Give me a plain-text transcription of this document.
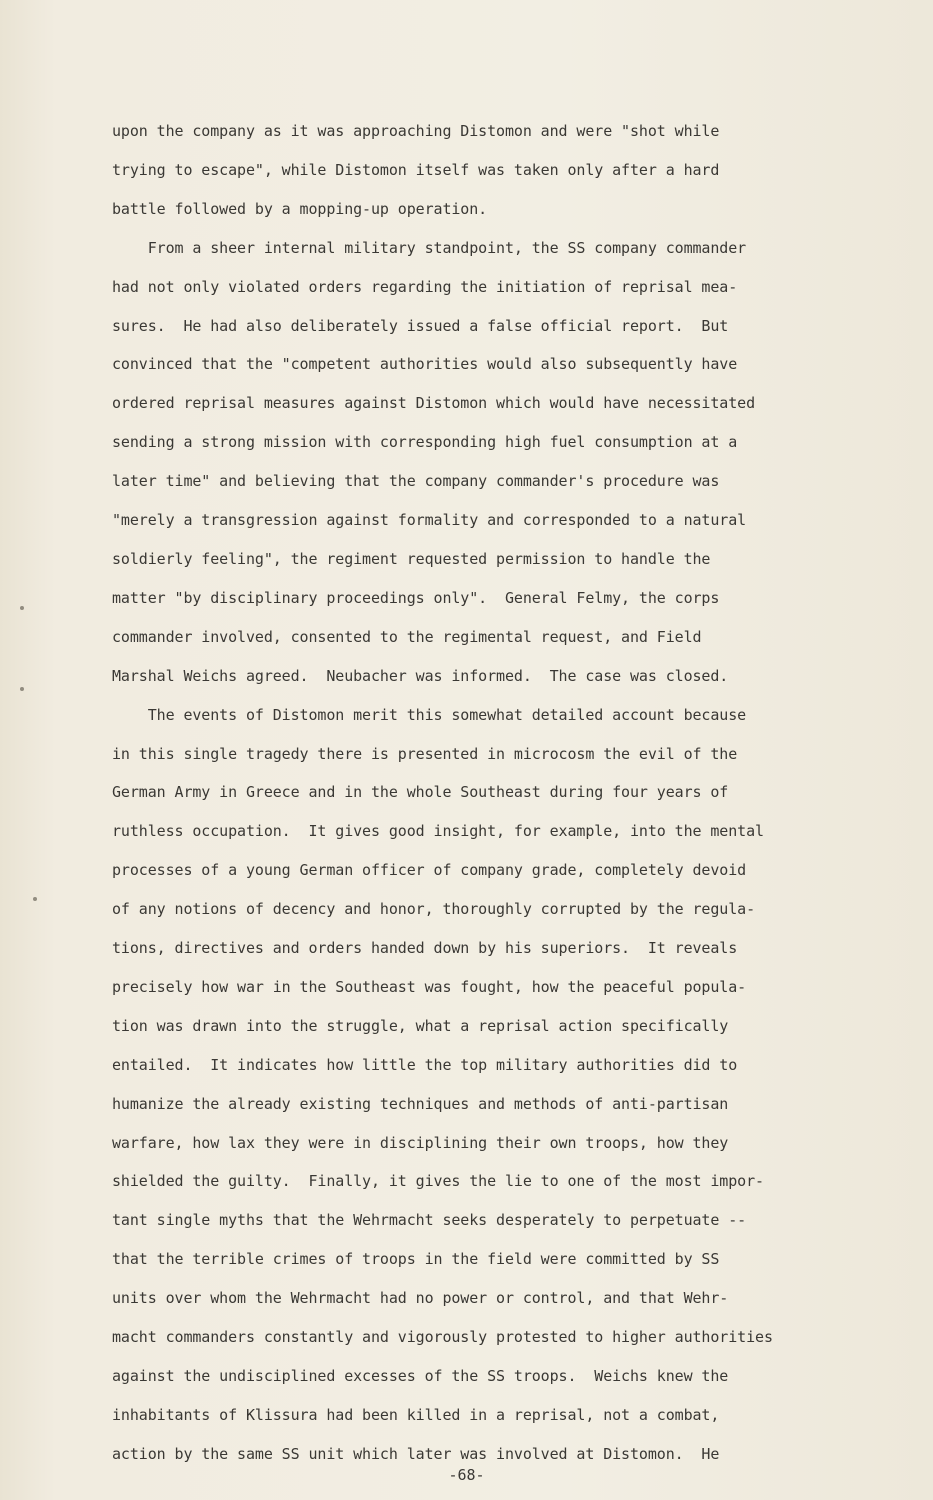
upon the company as it was approaching Distomon and were "shot while
trying to escape", while Distomon itself was taken only after a hard
battle followed by a mopping-up operation.
From a sheer internal military standpoint, the SS company commander
had not only violated orders regarding the initiation of reprisal mea-
sures.  He had also deliberately issued a false official report.  But
convinced that the "competent authorities would also subsequently have
ordered reprisal measures against Distomon which would have necessitated
sending a strong mission with corresponding high fuel consumption at a
later time" and believing that the company commander's procedure was
"merely a transgression against formality and corresponded to a natural
soldierly feeling", the regiment requested permission to handle the
matter "by disciplinary proceedings only".  General Felmy, the corps
commander involved, consented to the regimental request, and Field
Marshal Weichs agreed.  Neubacher was informed.  The case was closed.
The events of Distomon merit this somewhat detailed account because
in this single tragedy there is presented in microcosm the evil of the
German Army in Greece and in the whole Southeast during four years of
ruthless occupation.  It gives good insight, for example, into the mental
processes of a young German officer of company grade, completely devoid
of any notions of decency and honor, thoroughly corrupted by the regula-
tions, directives and orders handed down by his superiors.  It reveals
precisely how war in the Southeast was fought, how the peaceful popula-
tion was drawn into the struggle, what a reprisal action specifically
entailed.  It indicates how little the top military authorities did to
humanize the already existing techniques and methods of anti-partisan
warfare, how lax they were in disciplining their own troops, how they
shielded the guilty.  Finally, it gives the lie to one of the most impor-
tant single myths that the Wehrmacht seeks desperately to perpetuate --
that the terrible crimes of troops in the field were committed by SS
units over whom the Wehrmacht had no power or control, and that Wehr-
macht commanders constantly and vigorously protested to higher authorities
against the undisciplined excesses of the SS troops.  Weichs knew the
inhabitants of Klissura had been killed in a reprisal, not a combat,
action by the same SS unit which later was involved at Distomon.  He
-68-
